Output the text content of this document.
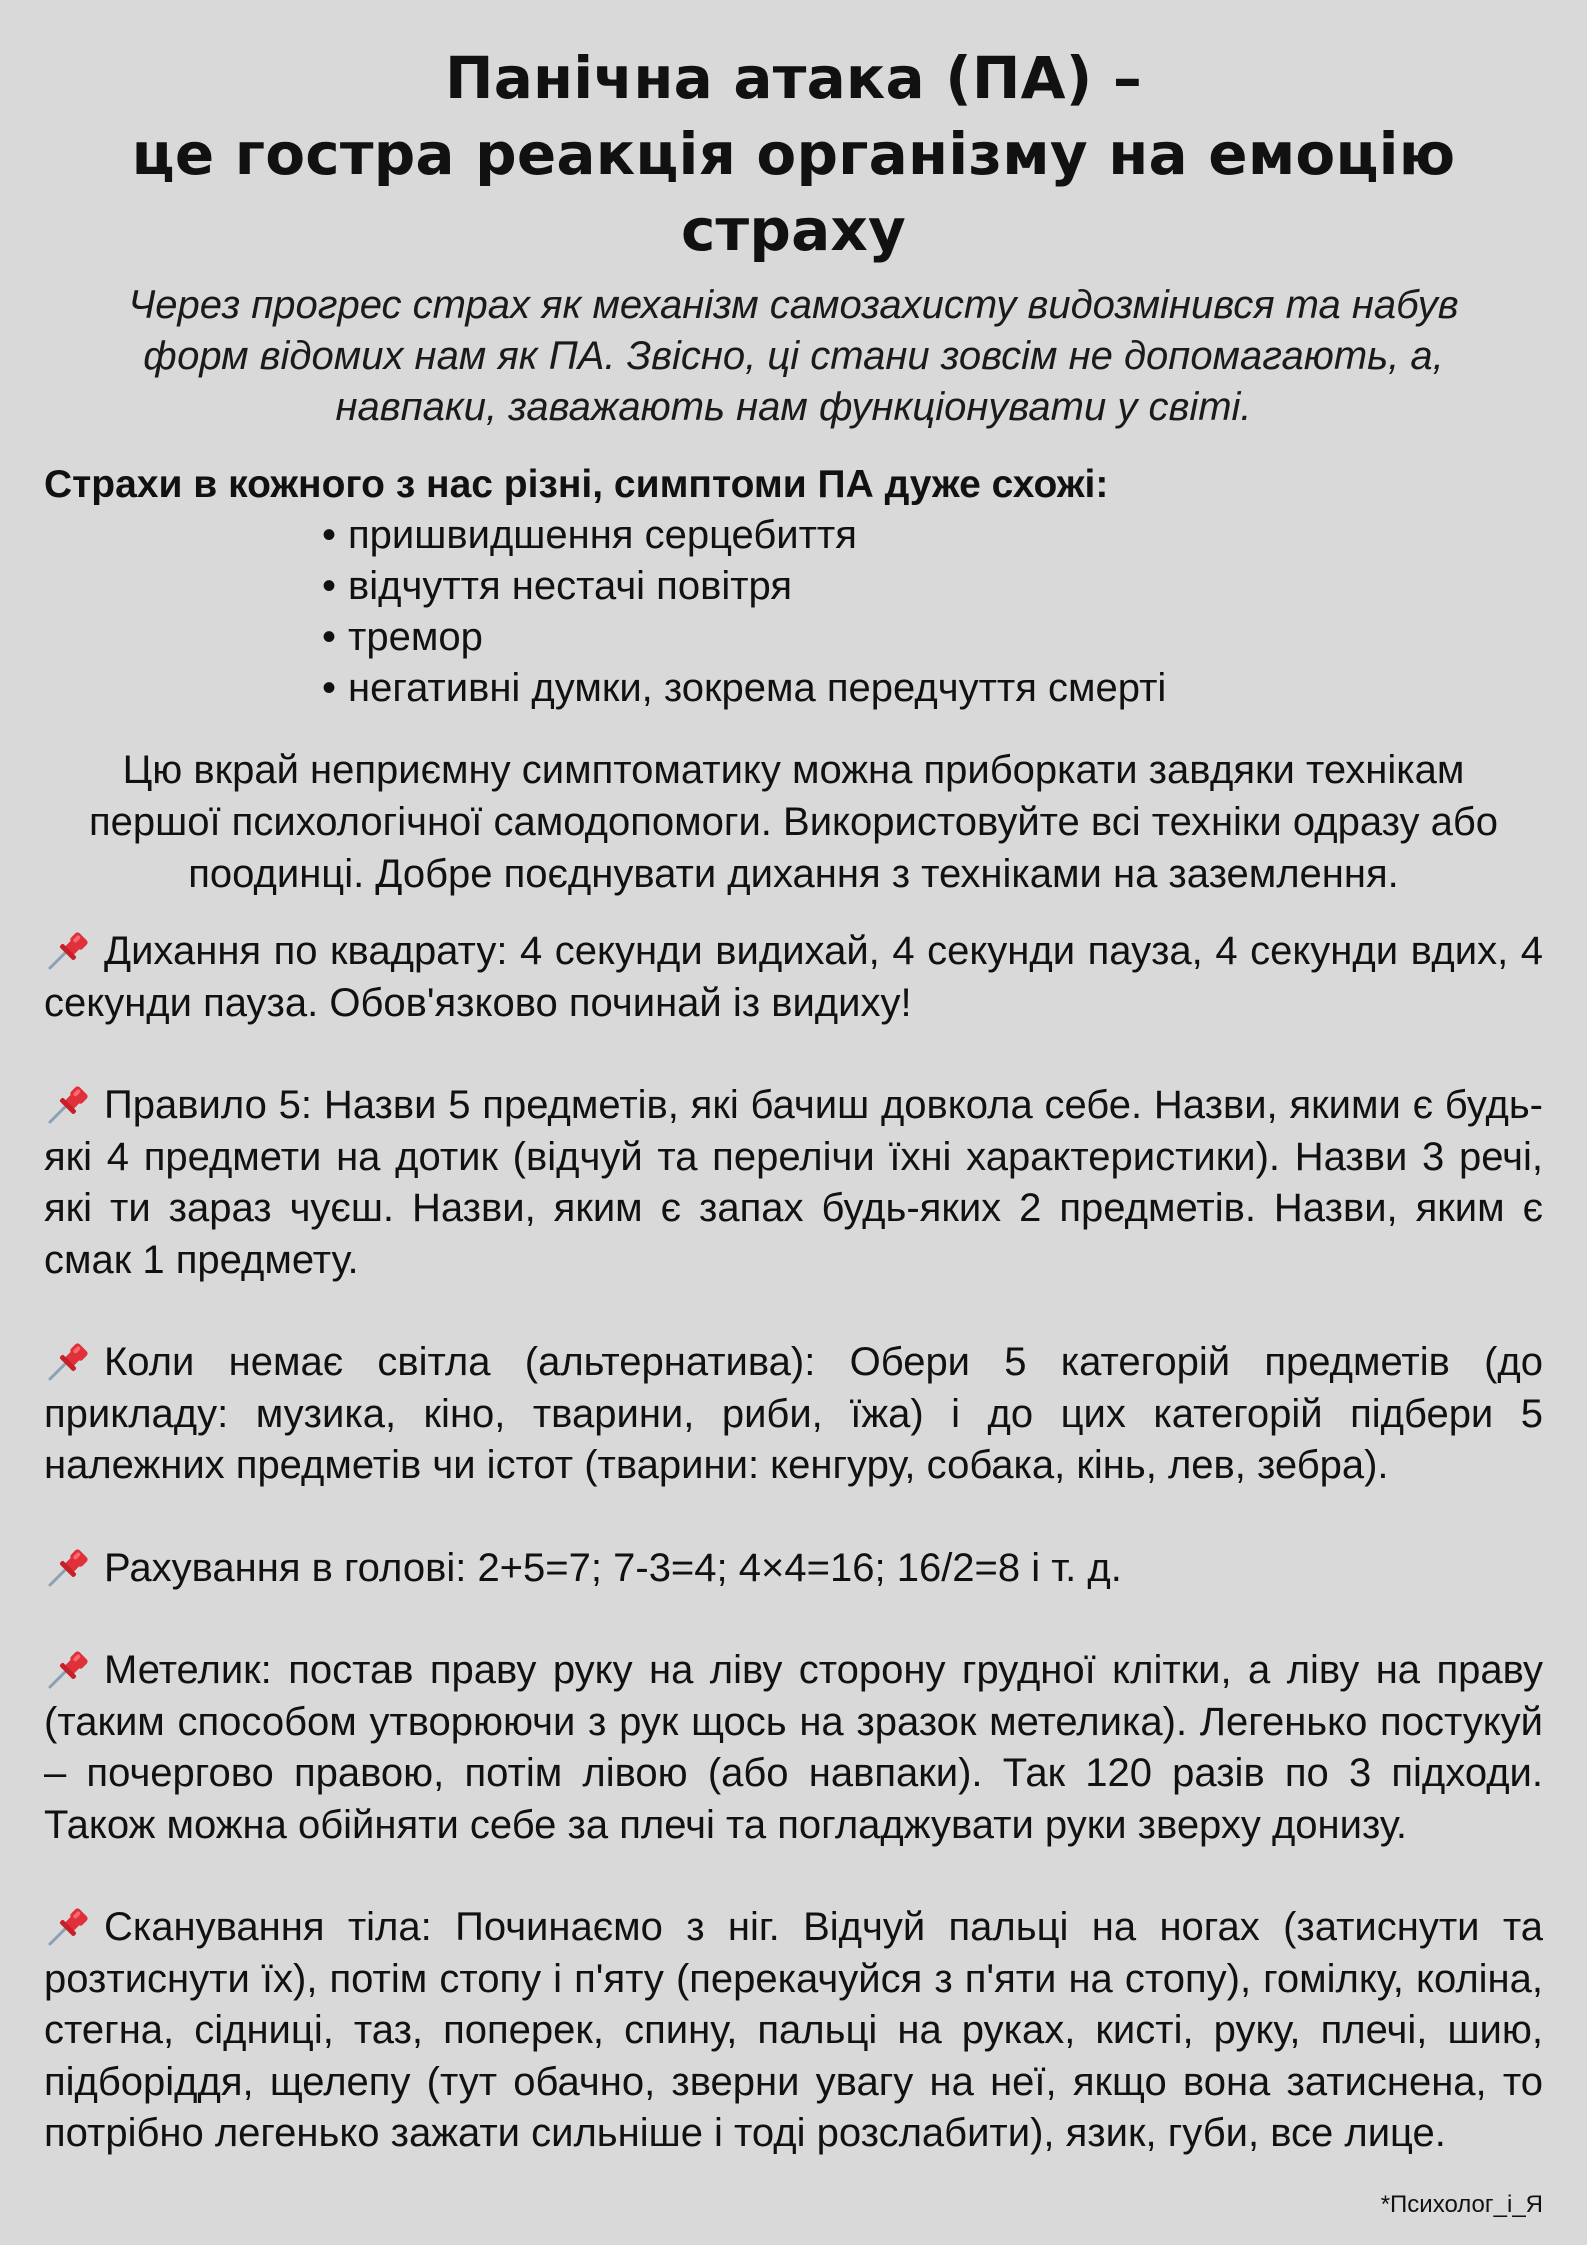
Панічна атака (ПА) –
це гостра реакція організму на емоцію страху

Через прогрес страх як механізм самозахисту видозмінився та набув форм відомих нам як ПА. Звісно, ці стани зовсім не допомагають, а, навпаки, заважають нам функціонувати у світі.

Страхи в кожного з нас різні, симптоми ПА дуже схожі:

• пришвидшення серцебиття
• відчуття нестачі повітря
• тремор
• негативні думки, зокрема передчуття смерті

Цю вкрай неприємну симптоматику можна приборкати завдяки технікам першої психологічної самодопомоги. Використовуйте всі техніки одразу або поодинці. Добре поєднувати дихання з техніками на заземлення.

Дихання по квадрату: 4 секунди видихай, 4 секунди пауза, 4 секунди вдих, 4 секунди пауза. Обов'язково починай із видиху!

Правило 5: Назви 5 предметів, які бачиш довкола себе. Назви, якими є будь-які 4 предмети на дотик (відчуй та перелічи їхні характеристики). Назви 3 речі, які ти зараз чуєш. Назви, яким є запах будь-яких 2 предметів. Назви, яким є смак 1 предмету.

Коли немає світла (альтернатива): Обери 5 категорій предметів (до прикладу: музика, кіно, тварини, риби, їжа) і до цих категорій підбери 5 належних предметів чи істот (тварини: кенгуру, собака, кінь, лев, зебра).

Рахування в голові: 2+5=7; 7-3=4; 4×4=16; 16/2=8 і т. д.

Метелик: постав праву руку на ліву сторону грудної клітки, а ліву на праву (таким способом утворюючи з рук щось на зразок метелика). Легенько постукуй – почергово правою, потім лівою (або навпаки). Так 120 разів по 3 підходи. Також можна обійняти себе за плечі та погладжувати руки зверху донизу.

Сканування тіла: Починаємо з ніг. Відчуй пальці на ногах (затиснути та розтиснути їх), потім стопу і п'яту (перекачуйся з п'яти на стопу), гомілку, коліна, стегна, сідниці, таз, поперек, спину, пальці на руках, кисті, руку, плечі, шию, підборіддя, щелепу (тут обачно, зверни увагу на неї, якщо вона затиснена, то потрібно легенько зажати сильніше і тоді розслабити), язик, губи, все лице.

*Психолог_і_Я
